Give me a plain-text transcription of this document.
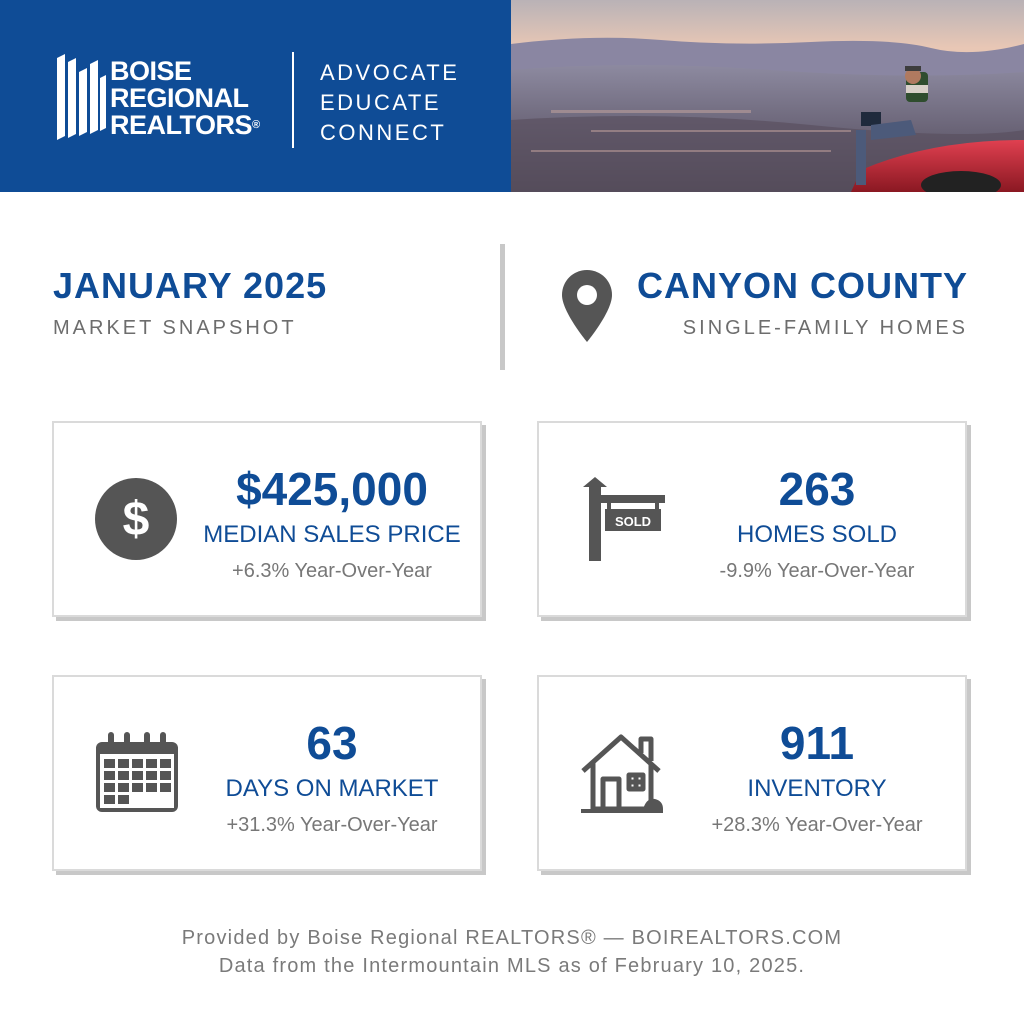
BOISE
REGIONAL
REALTORS®
ADVOCATE
EDUCATE
CONNECT
JANUARY 2025
MARKET SNAPSHOT
CANYON COUNTY
SINGLE-FAMILY HOMES
$
$425,000
MEDIAN SALES PRICE
+6.3% Year-Over-Year
SOLD
263
HOMES SOLD
-9.9% Year-Over-Year
63
DAYS ON MARKET
+31.3% Year-Over-Year
911
INVENTORY
+28.3% Year-Over-Year
Provided by Boise Regional REALTORS® — BOIREALTORS.COM
Data from the Intermountain MLS as of February 10, 2025.
